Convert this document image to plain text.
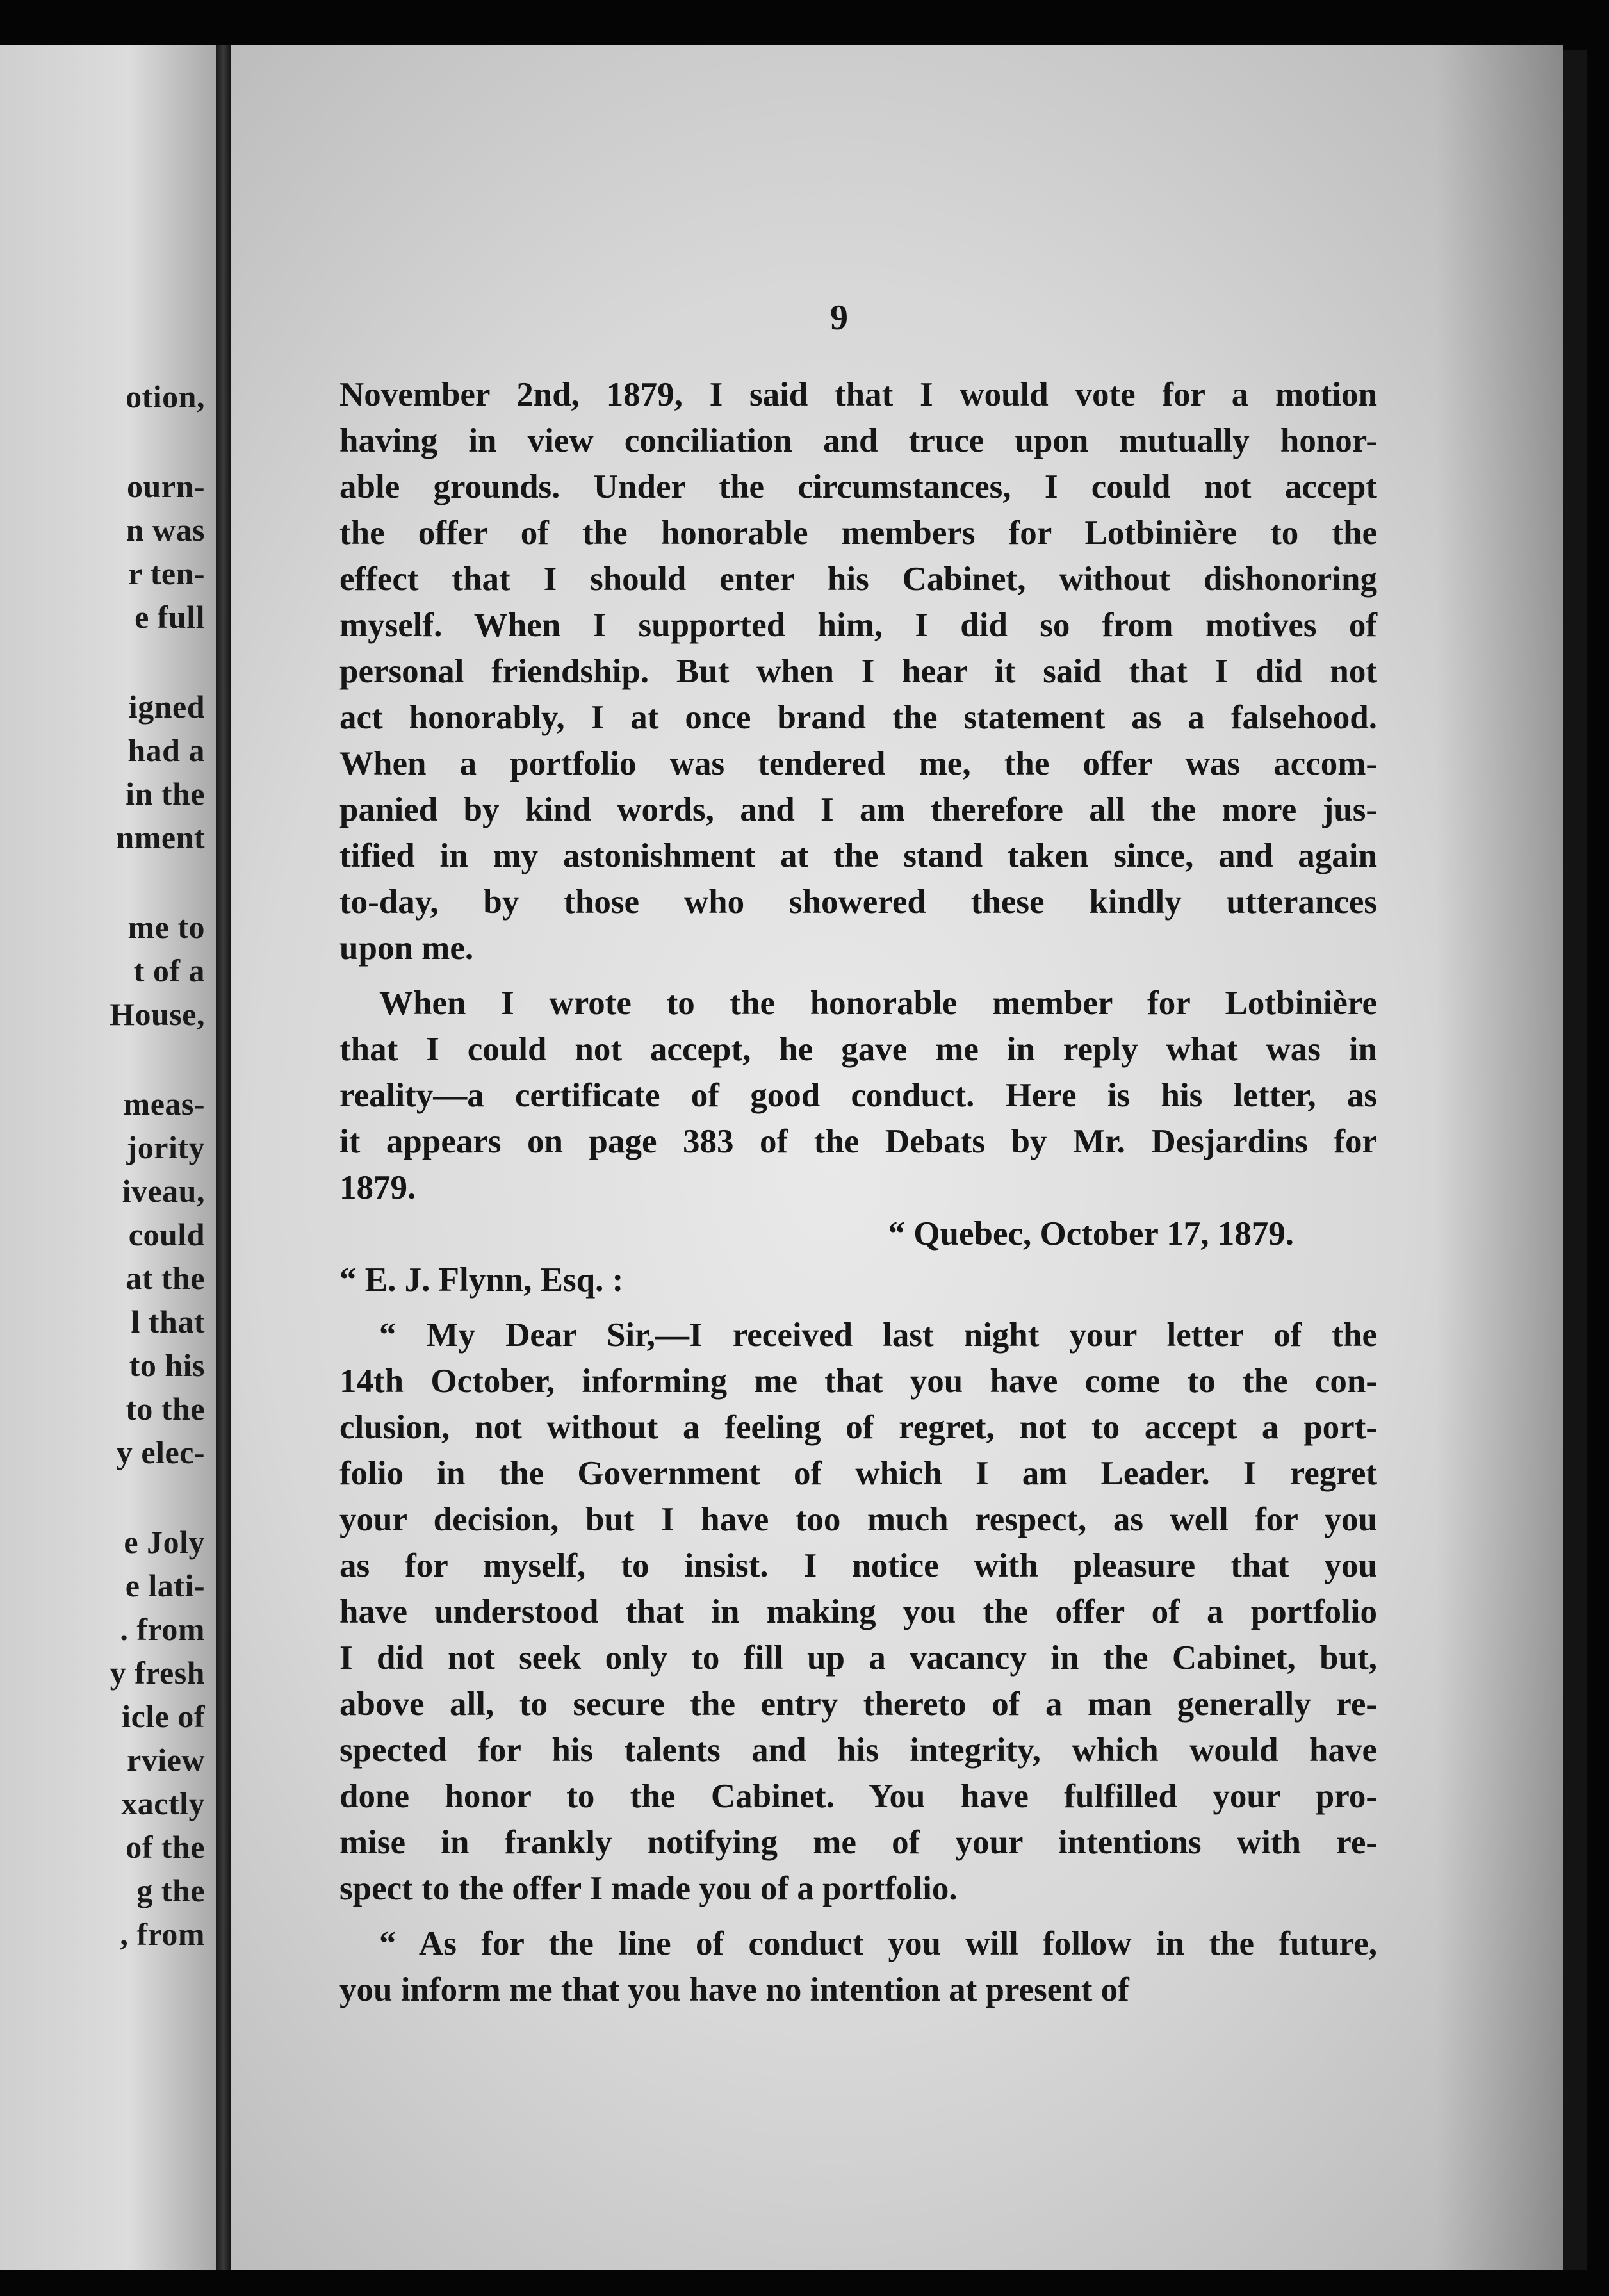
otion,
ourn-
n was
r ten-
e full
igned
had a
in the
nment
me to
t of a
House,
meas-
jority
iveau,
could
at the
l that
to his
to the
y elec-
e Joly
e lati-
. from
y fresh
icle of
rview
xactly
of the
g the
, from
9
November 2nd, 1879, I said that I would vote for a motion
having in view conciliation and truce upon mutually honor-
able grounds. Under the circumstances, I could not accept
the offer of the honorable members for Lotbinière to the
effect that I should enter his Cabinet, without dishonoring
myself. When I supported him, I did so from motives of
personal friendship. But when I hear it said that I did not
act honorably, I at once brand the statement as a falsehood.
When a portfolio was tendered me, the offer was accom-
panied by kind words, and I am therefore all the more jus-
tified in my astonishment at the stand taken since, and again
to-day, by those who showered these kindly utterances
upon me.
When I wrote to the honorable member for Lotbinière
that I could not accept, he gave me in reply what was in
reality—a certificate of good conduct. Here is his letter, as
it appears on page 383 of the Debats by Mr. Desjardins for
1879.
“ Quebec, October 17, 1879.
“ E. J. Flynn, Esq. :
“ My Dear Sir,—I received last night your letter of the
14th October, informing me that you have come to the con-
clusion, not without a feeling of regret, not to accept a port-
folio in the Government of which I am Leader. I regret
your decision, but I have too much respect, as well for you
as for myself, to insist. I notice with pleasure that you
have understood that in making you the offer of a portfolio
I did not seek only to fill up a vacancy in the Cabinet, but,
above all, to secure the entry thereto of a man generally re-
spected for his talents and his integrity, which would have
done honor to the Cabinet. You have fulfilled your pro-
mise in frankly notifying me of your intentions with re-
spect to the offer I made you of a portfolio.
“ As for the line of conduct you will follow in the future,
you inform me that you have no intention at present of
